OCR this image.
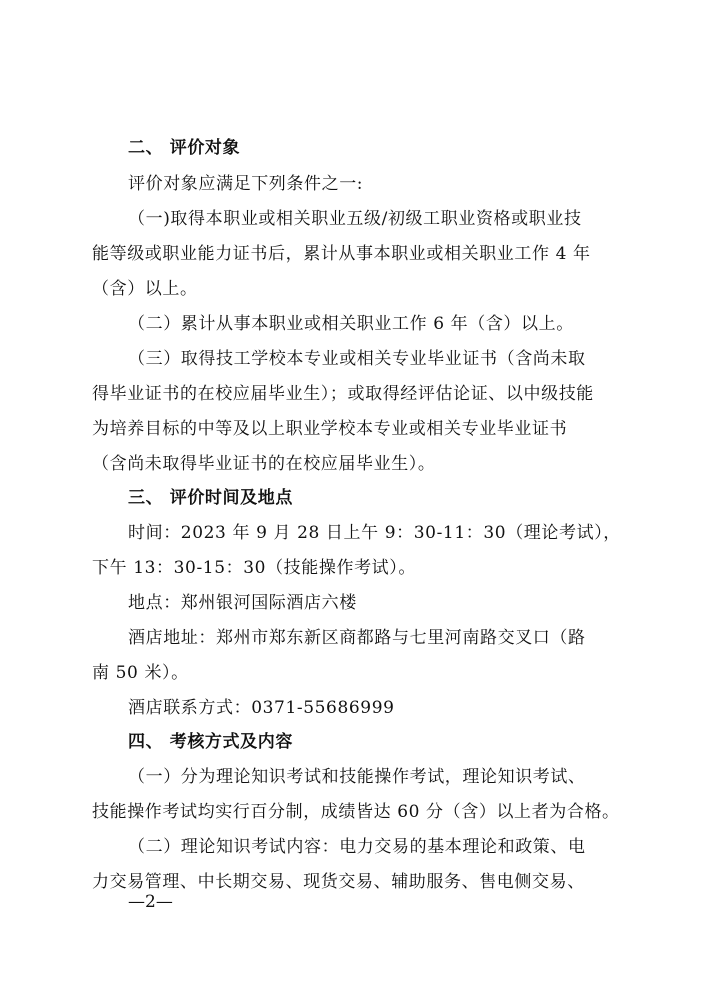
二、 评价对象
评价对象应满足下列条件之一:
（一)取得本职业或相关职业五级/初级工职业资格或职业技
能等级或职业能力证书后，累计从事本职业或相关职业工作 4 年
（含）以上。
（二）累计从事本职业或相关职业工作 6 年（含）以上。
（三）取得技工学校本专业或相关专业毕业证书（含尚未取
得毕业证书的在校应届毕业生）；或取得经评估论证、以中级技能
为培养目标的中等及以上职业学校本专业或相关专业毕业证书
（含尚未取得毕业证书的在校应届毕业生）。
三、 评价时间及地点
时间：2023 年 9 月 28 日上午 9：30-11：30（理论考试），
下午 13：30-15：30（技能操作考试）。
地点：郑州银河国际酒店六楼
酒店地址：郑州市郑东新区商都路与七里河南路交叉口（路
南 50 米）。
酒店联系方式：0371-55686999
四、 考核方式及内容
（一）分为理论知识考试和技能操作考试，理论知识考试、
技能操作考试均实行百分制，成绩皆达 60 分（含）以上者为合格。
（二）理论知识考试内容：电力交易的基本理论和政策、电
力交易管理、中长期交易、现货交易、辅助服务、售电侧交易、
—2—
